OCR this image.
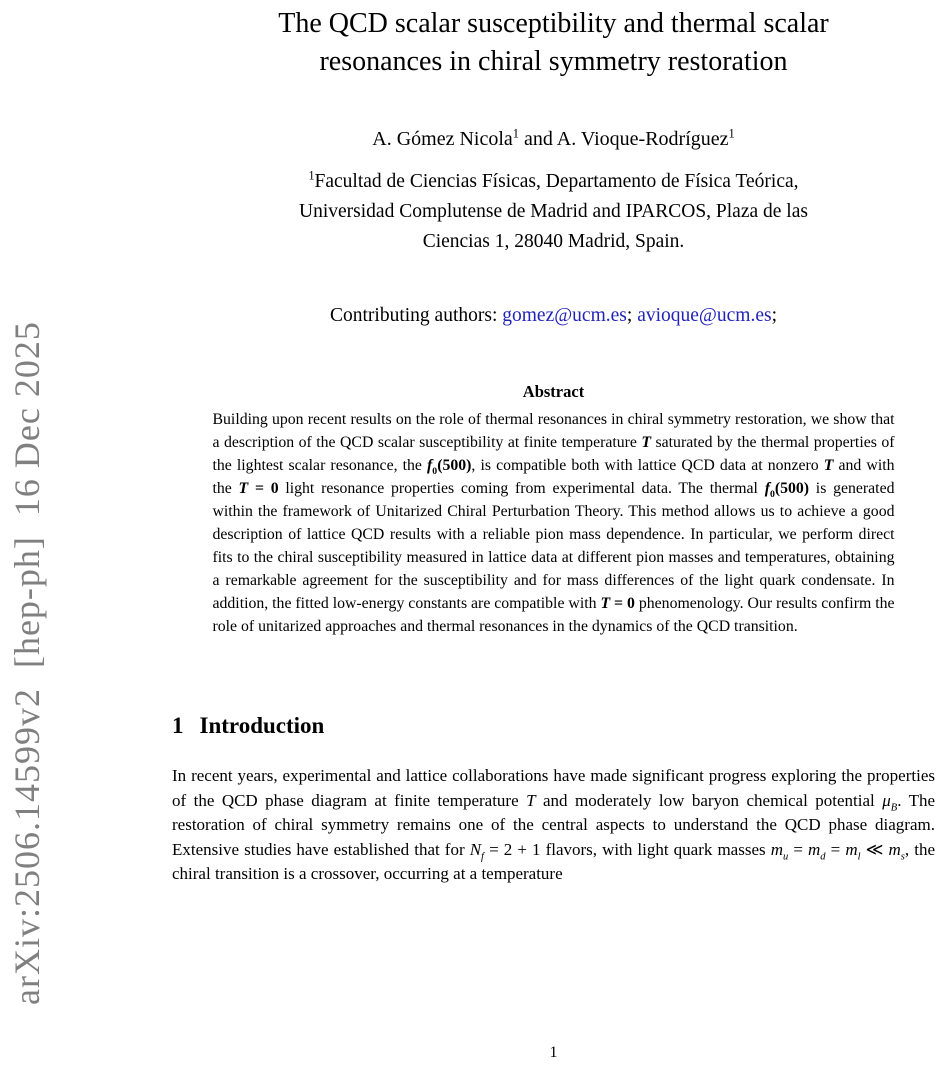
arXiv:2506.14599v2  [hep-ph]  16 Dec 2025
The QCD scalar susceptibility and thermal scalar
resonances in chiral symmetry restoration
A. Gómez Nicola$^1$ and A. Vioque-Rodríguez$^1$
$^1$Facultad de Ciencias Físicas, Departamento de Física Teórica,
Universidad Complutense de Madrid and IPARCOS, Plaza de las
Ciencias 1, 28040 Madrid, Spain.
Contributing authors: gomez@ucm.es; avioque@ucm.es;
Abstract

Building upon recent results on the role of thermal resonances in chiral symmetry restoration, we show that a description of the QCD scalar susceptibility at finite temperature T saturated by the thermal properties of the lightest scalar resonance, the $f_0(500)$, is compatible both with lattice QCD data at nonzero T and with the T = 0 light resonance properties coming from experimental data. The thermal $f_0(500)$ is generated within the framework of Unitarized Chiral Perturbation Theory. This method allows us to achieve a good description of lattice QCD results with a reliable pion mass dependence. In particular, we perform direct fits to the chiral susceptibility measured in lattice data at different pion masses and temperatures, obtaining a remarkable agreement for the susceptibility and for mass differences of the light quark condensate. In addition, the fitted low-energy constants are compatible with T = 0 phenomenology. Our results confirm the role of unitarized approaches and thermal resonances in the dynamics of the QCD transition.

1 Introduction

In recent years, experimental and lattice collaborations have made significant progress exploring the properties of the QCD phase diagram at finite temperature T and moderately low baryon chemical potential $\mu_B$. The restoration of chiral symmetry remains one of the central aspects to understand the QCD phase diagram. Extensive studies have established that for $N_f = 2 + 1$ flavors, with light quark masses $m_u = m_d = m_l$ ≪ $m_s$, the chiral transition is a crossover, occurring at a temperature

1
